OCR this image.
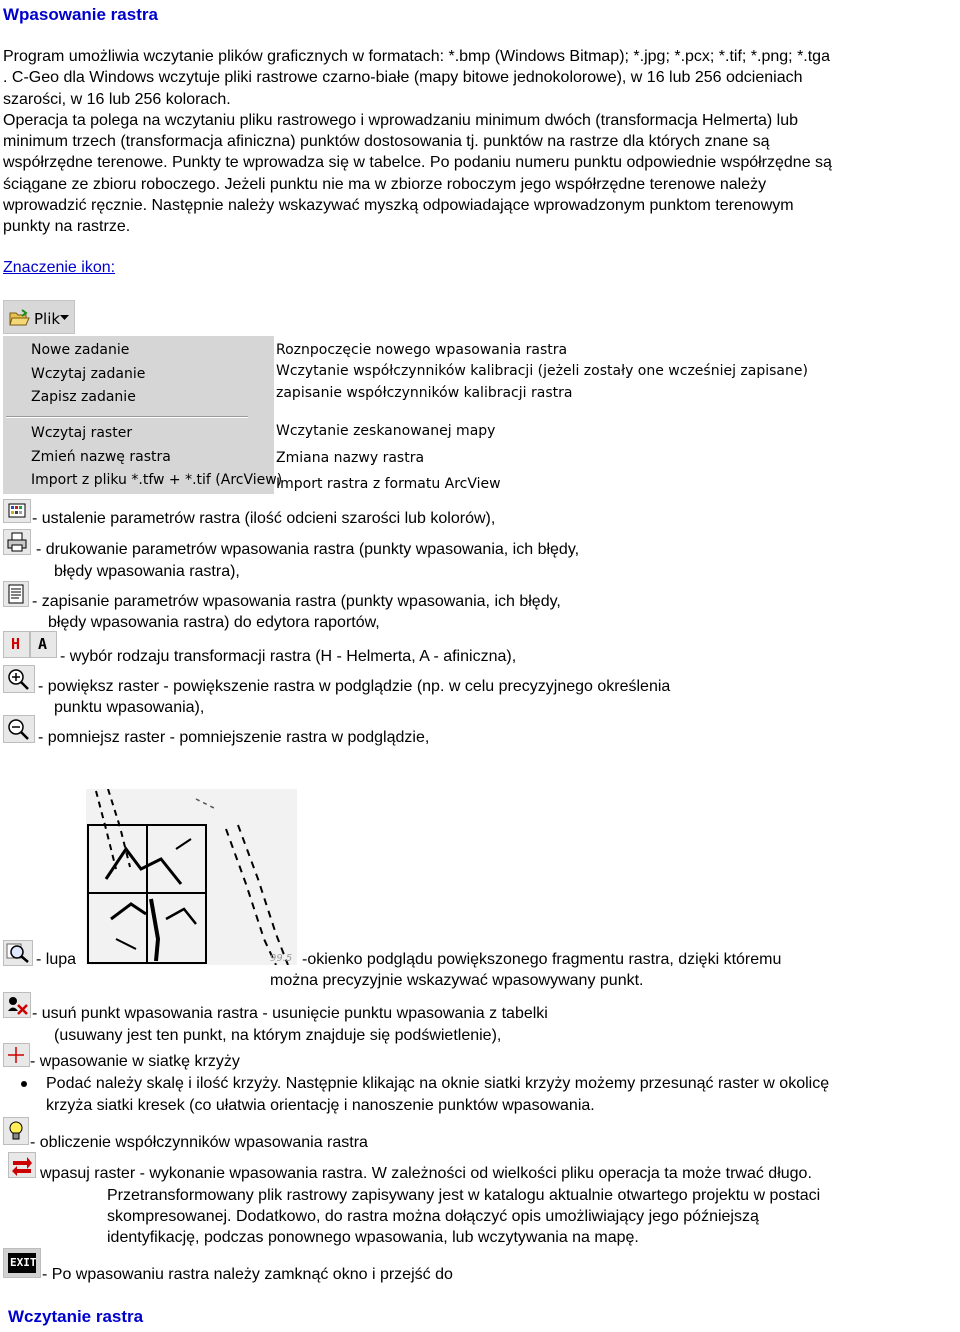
Wpasowanie rastra
Program umożliwia wczytanie plików graficznych w formatach: *.bmp (Windows Bitmap); *.jpg; *.pcx; *.tif; *.png; *.tga
. C-Geo dla Windows wczytuje pliki rastrowe czarno-białe (mapy bitowe jednokolorowe), w 16 lub 256 odcieniach
szarości, w 16 lub 256 kolorach.
Operacja ta polega na wczytaniu pliku rastrowego i wprowadzaniu minimum dwóch (transformacja Helmerta) lub
minimum trzech (transformacja afiniczna) punktów dostosowania tj. punktów na rastrze dla których znane są
współrzędne terenowe. Punkty te wprowadza się w tabelce. Po podaniu numeru punktu odpowiednie współrzędne są
ściągane ze zbioru roboczego. Jeżeli punktu nie ma w zbiorze roboczym jego współrzędne terenowe należy
wprowadzić ręcznie. Następnie należy wskazywać myszką odpowiadające wprowadzonym punktom terenowym
punkty na rastrze.
Znaczenie ikon:
Plik
Nowe zadanie
Wczytaj zadanie
Zapisz zadanie
Wczytaj raster
Zmień nazwę rastra
Import z pliku *.tfw + *.tif (ArcView)
Roznpoczęcie nowego wpasowania rastra
Wczytanie współczynników kalibracji (jeżeli zostały one wcześniej zapisane)
zapisanie współczynników kalibracji rastra
Wczytanie zeskanowanej mapy
Zmiana nazwy rastra
Import rastra z formatu ArcView
- ustalenie parametrów rastra (ilość odcieni szarości lub kolorów),
- drukowanie parametrów wpasowania rastra (punkty wpasowania, ich błędy,
błędy wpasowania rastra),
- zapisanie parametrów wpasowania rastra (punkty wpasowania, ich błędy,
błędy wpasowania rastra) do edytora raportów,
H A
- wybór rodzaju transformacji rastra (H - Helmerta, A - afiniczna),
- powiększ raster - powiększenie rastra w podglądzie (np. w celu precyzyjnego określenia
punktu wpasowania),
- pomniejsz raster - pomniejszenie rastra w podglądzie,
99.5
- lupa	-okienko podglądu powiększonego fragmentu rastra, dzięki któremu
można precyzyjnie wskazywać wpasowywany punkt.
- usuń punkt wpasowania rastra - usunięcie punktu wpasowania z tabelki
(usuwany jest ten punkt, na którym znajduje się podświetlenie),
- wpasowanie w siatkę krzyży
Podać należy skalę i ilość krzyży. Następnie klikając na oknie siatki krzyży możemy przesunąć raster w okolicę
krzyża siatki kresek (co ułatwia orientację i nanoszenie punktów wpasowania.
- obliczenie współczynników wpasowania rastra
wpasuj raster - wykonanie wpasowania rastra. W zależności od wielkości pliku operacja ta może trwać długo.
Przetransformowany plik rastrowy zapisywany jest w katalogu aktualnie otwartego projektu w postaci
skompresowanej. Dodatkowo, do rastra można dołączyć opis umożliwiający jego późniejszą
identyfikację, podczas ponownego wpasowania, lub wczytywania na mapę.
EXIT
- Po wpasowaniu rastra należy zamknąć okno i przejść do
Wczytanie rastra
